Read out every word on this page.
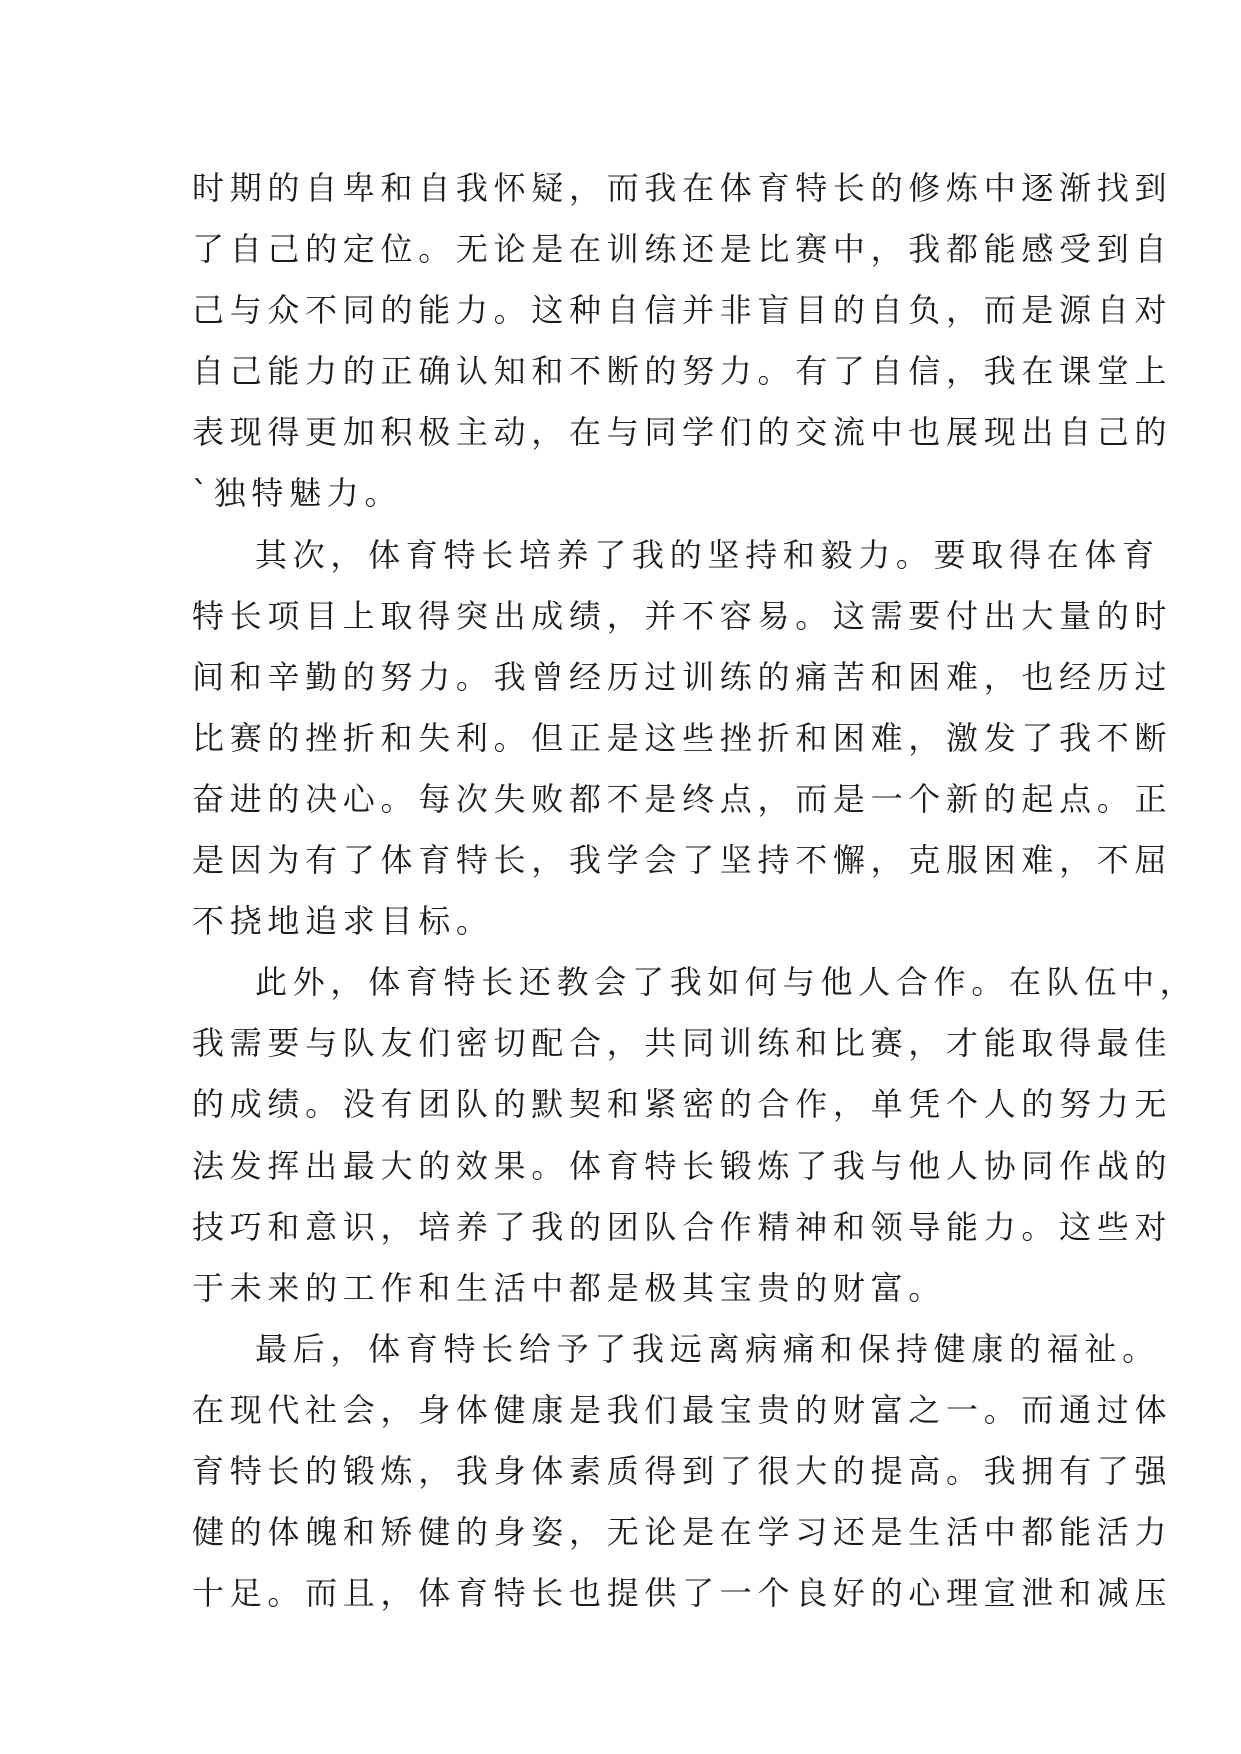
时期的自卑和自我怀疑，而我在体育特长的修炼中逐渐找到
了自己的定位。无论是在训练还是比赛中，我都能感受到自
己与众不同的能力。这种自信并非盲目的自负，而是源自对
自己能力的正确认知和不断的努力。有了自信，我在课堂上
表现得更加积极主动，在与同学们的交流中也展现出自己的
`独特魅力。
其次，体育特长培养了我的坚持和毅力。要取得在体育
特长项目上取得突出成绩，并不容易。这需要付出大量的时
间和辛勤的努力。我曾经历过训练的痛苦和困难，也经历过
比赛的挫折和失利。但正是这些挫折和困难，激发了我不断
奋进的决心。每次失败都不是终点，而是一个新的起点。正
是因为有了体育特长，我学会了坚持不懈，克服困难，不屈
不挠地追求目标。
此外，体育特长还教会了我如何与他人合作。在队伍中，
我需要与队友们密切配合，共同训练和比赛，才能取得最佳
的成绩。没有团队的默契和紧密的合作，单凭个人的努力无
法发挥出最大的效果。体育特长锻炼了我与他人协同作战的
技巧和意识，培养了我的团队合作精神和领导能力。这些对
于未来的工作和生活中都是极其宝贵的财富。
最后，体育特长给予了我远离病痛和保持健康的福祉。
在现代社会，身体健康是我们最宝贵的财富之一。而通过体
育特长的锻炼，我身体素质得到了很大的提高。我拥有了强
健的体魄和矫健的身姿，无论是在学习还是生活中都能活力
十足。而且，体育特长也提供了一个良好的心理宣泄和减压
